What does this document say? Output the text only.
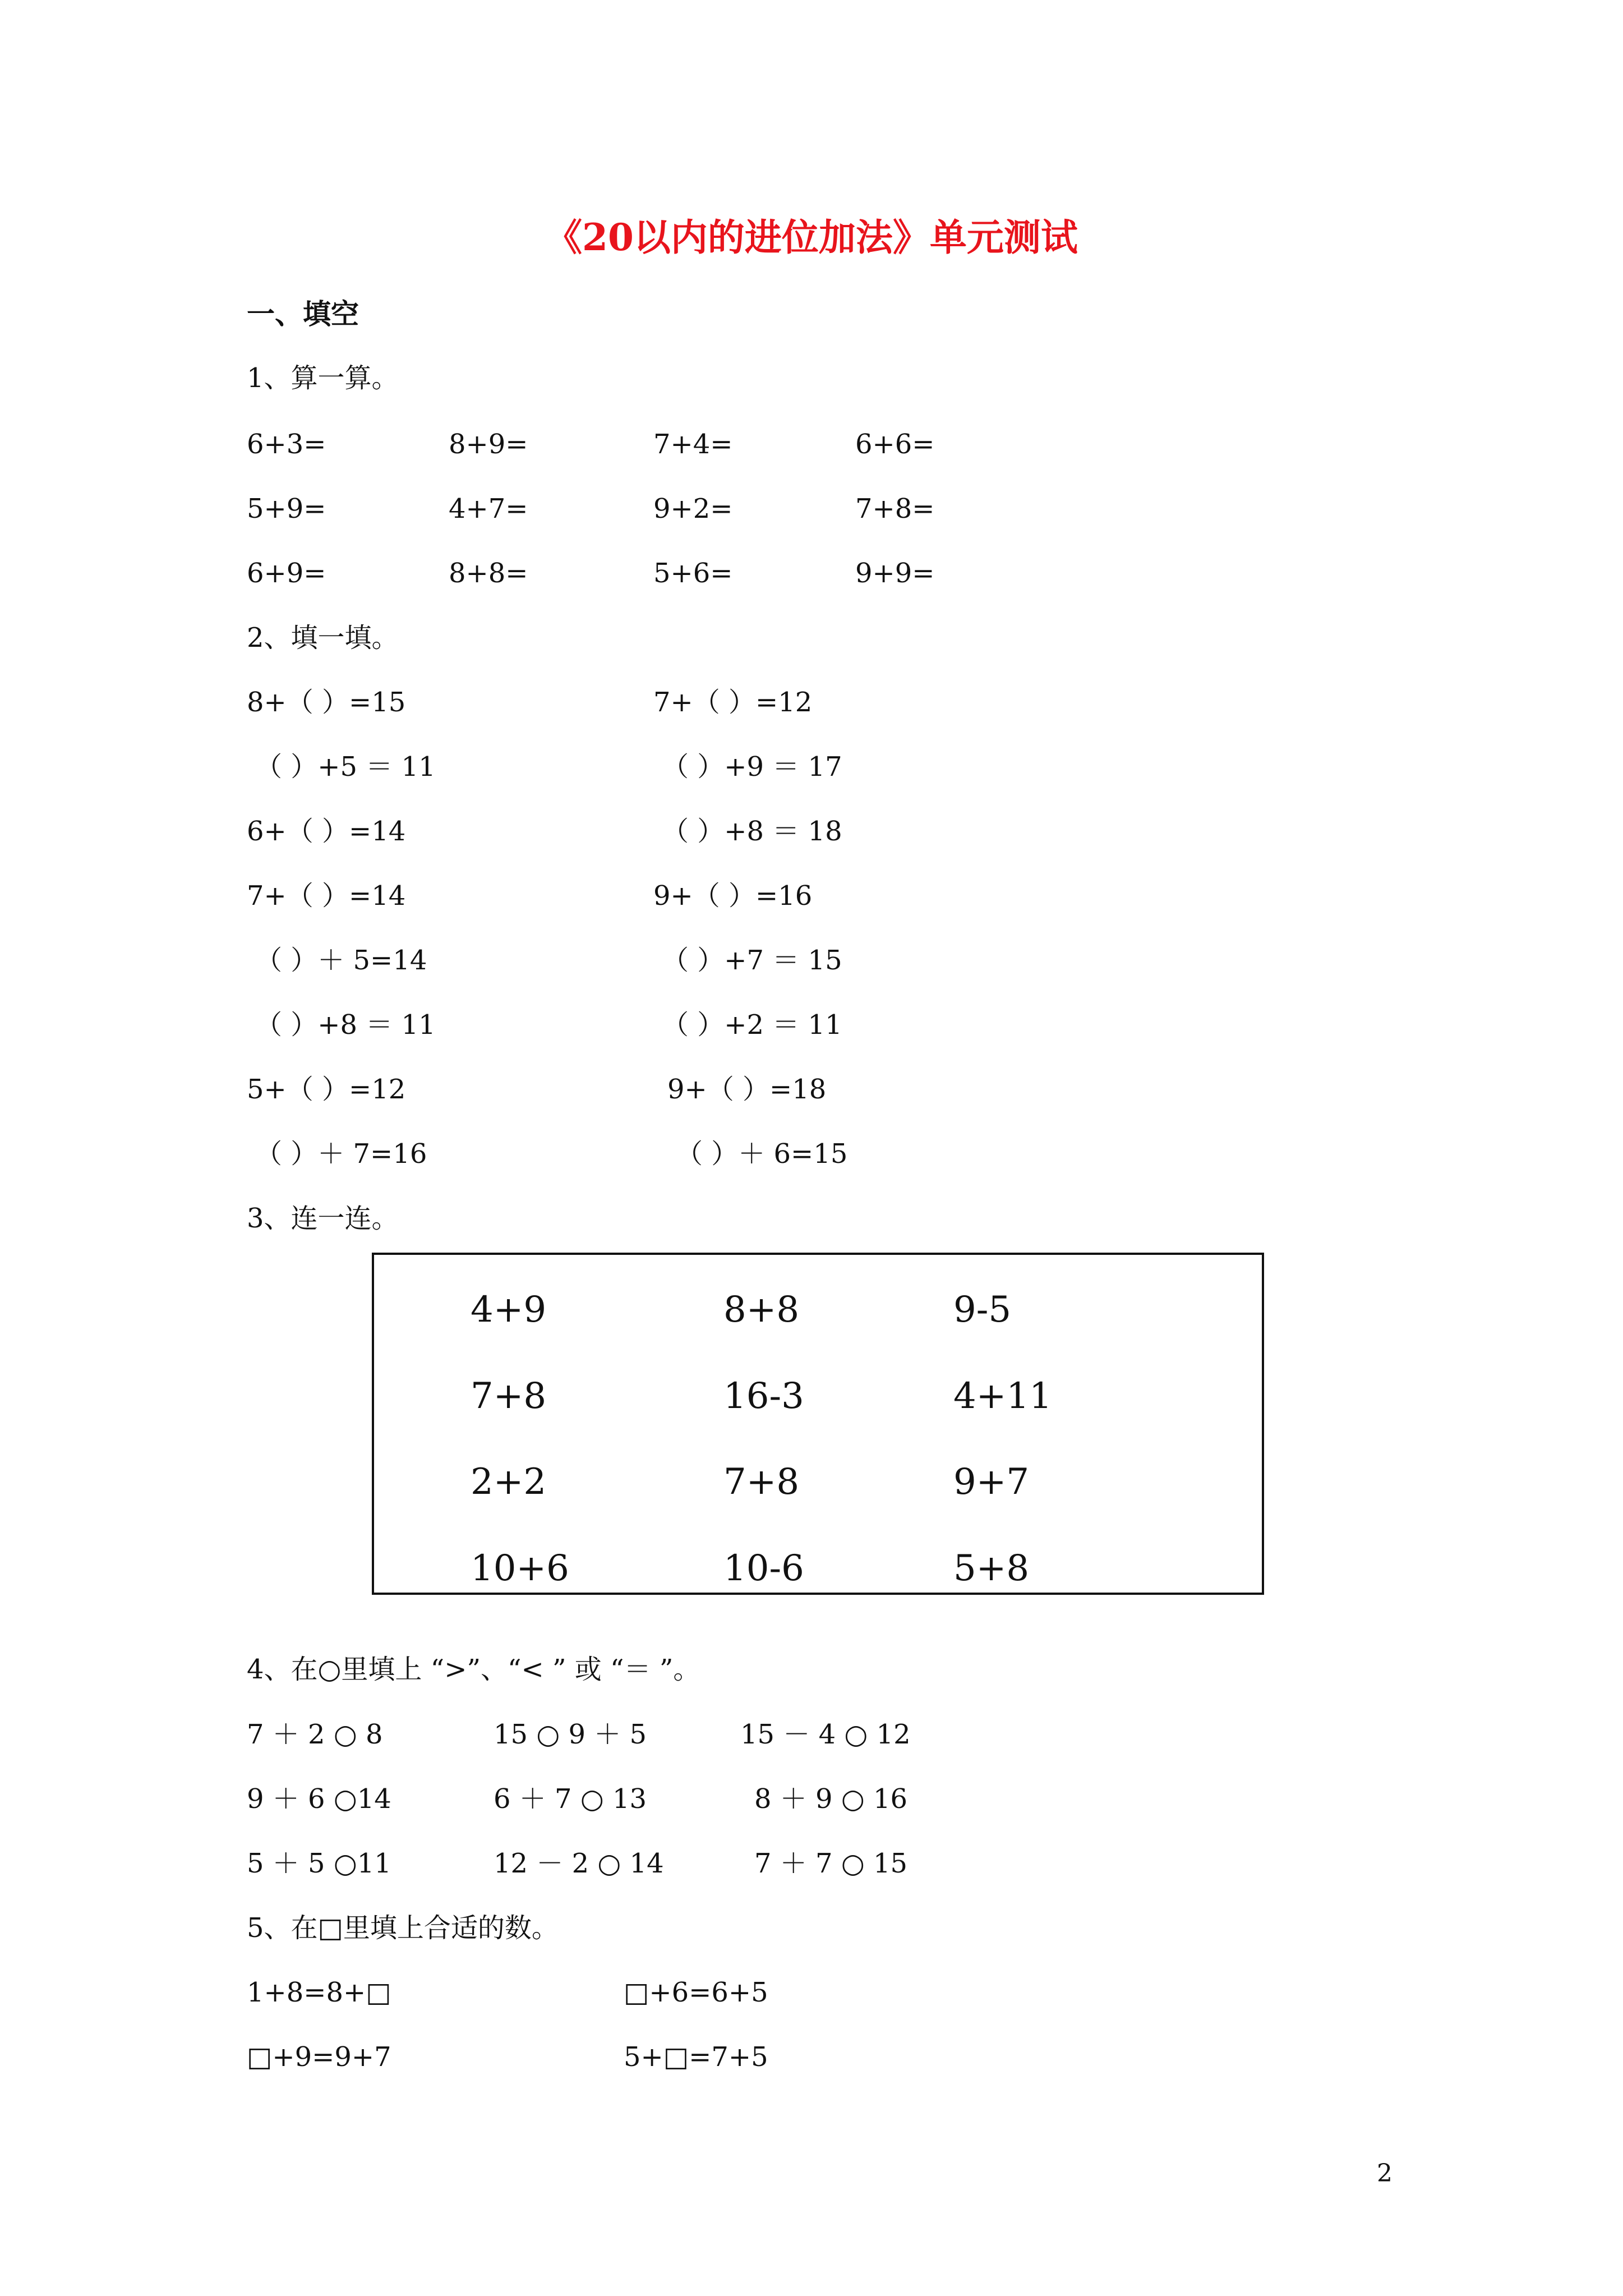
《20以内的进位加法》单元测试
一、填空
1、算一算。
6+3=	8+9=	7+4=	6+6=
5+9=	4+7=	9+2=	7+8=
6+9=	8+8=	5+6=	9+9=
2、填一填。
8+（ ）=15	7+（ ）=12
（ ）+5 ＝ 11	（ ）+9 ＝ 17
6+（ ）=14	（ ）+8 ＝ 18
7+（ ）=14	9+（ ）=16
（ ）＋ 5=14	（ ）+7 ＝ 15
（ ）+8 ＝ 11	（ ）+2 ＝ 11
5+（ ）=12	9+（ ）=18
（ ）＋ 7=16	（ ）＋ 6=15
3、连一连。
4+9	8+8	9-5
7+8	16-3	4+11
2+2	7+8	9+7
10+6	10-6	5+8
4、在○里填上 “>”、“< ” 或 “＝ ”。
7 ＋ 2 ○ 8	15 ○ 9 ＋ 5	15 － 4 ○ 12
9 ＋ 6 ○14	6 ＋ 7 ○ 13	8 ＋ 9 ○ 16
5 ＋ 5 ○11	12 － 2 ○ 14	7 ＋ 7 ○ 15
5、在□里填上合适的数。
1+8=8+□	□+6=6+5
□+9=9+7	5+□=7+5
2
